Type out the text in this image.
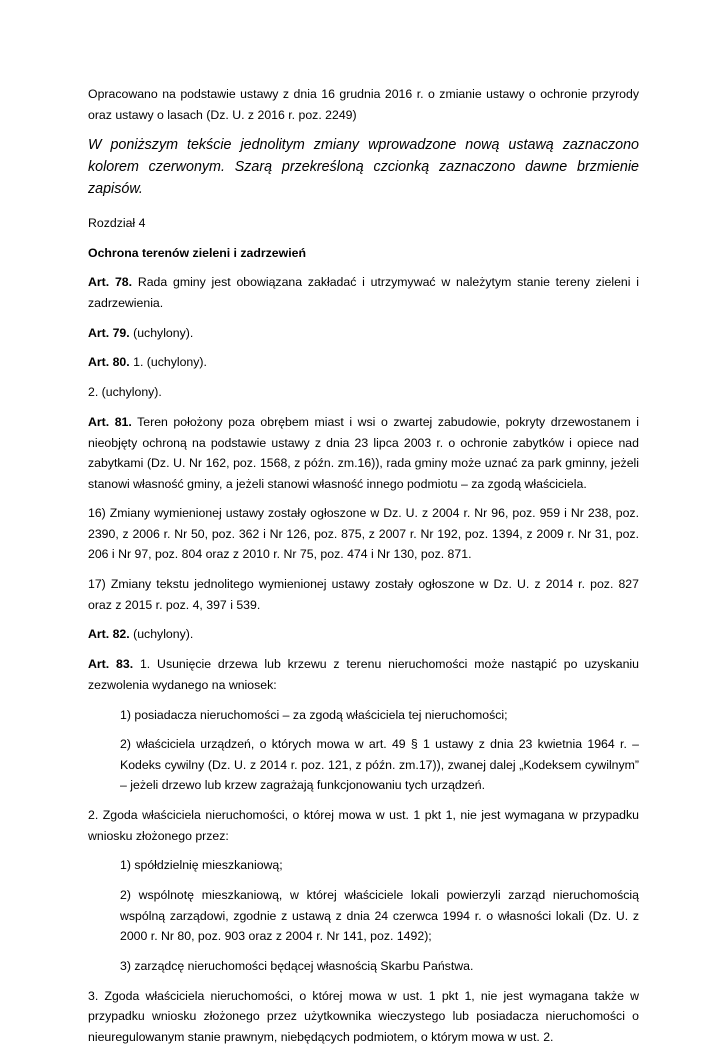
Opracowano na podstawie ustawy z dnia 16 grudnia 2016 r. o zmianie ustawy o ochronie przyrody oraz ustawy o lasach (Dz. U. z 2016 r. poz. 2249)

W poniższym tekście jednolitym zmiany wprowadzone nową ustawą zaznaczono kolorem czerwonym. Szarą przekreśloną czcionką zaznaczono dawne brzmienie zapisów.

Rozdział 4

Ochrona terenów zieleni i zadrzewień

Art. 78. Rada gminy jest obowiązana zakładać i utrzymywać w należytym stanie tereny zieleni i zadrzewienia.

Art. 79. (uchylony).

Art. 80. 1. (uchylony).

2. (uchylony).

Art. 81. Teren położony poza obrębem miast i wsi o zwartej zabudowie, pokryty drzewostanem i nieobjęty ochroną na podstawie ustawy z dnia 23 lipca 2003 r. o ochronie zabytków i opiece nad zabytkami (Dz. U. Nr 162, poz. 1568, z późn. zm.16)), rada gminy może uznać za park gminny, jeżeli stanowi własność gminy, a jeżeli stanowi własność innego podmiotu – za zgodą właściciela.

16) Zmiany wymienionej ustawy zostały ogłoszone w Dz. U. z 2004 r. Nr 96, poz. 959 i Nr 238, poz. 2390, z 2006 r. Nr 50, poz. 362 i Nr 126, poz. 875, z 2007 r. Nr 192, poz. 1394, z 2009 r. Nr 31, poz. 206 i Nr 97, poz. 804 oraz z 2010 r. Nr 75, poz. 474 i Nr 130, poz. 871.

17) Zmiany tekstu jednolitego wymienionej ustawy zostały ogłoszone w Dz. U. z 2014 r. poz. 827 oraz z 2015 r. poz. 4, 397 i 539.

Art. 82. (uchylony).

Art. 83. 1. Usunięcie drzewa lub krzewu z terenu nieruchomości może nastąpić po uzyskaniu zezwolenia wydanego na wniosek:

1) posiadacza nieruchomości – za zgodą właściciela tej nieruchomości;

2) właściciela urządzeń, o których mowa w art. 49 § 1 ustawy z dnia 23 kwietnia 1964 r. – Kodeks cywilny (Dz. U. z 2014 r. poz. 121, z późn. zm.17)), zwanej dalej „Kodeksem cywilnym” – jeżeli drzewo lub krzew zagrażają funkcjonowaniu tych urządzeń.

2. Zgoda właściciela nieruchomości, o której mowa w ust. 1 pkt 1, nie jest wymagana w przypadku wniosku złożonego przez:

1) spółdzielnię mieszkaniową;

2) wspólnotę mieszkaniową, w której właściciele lokali powierzyli zarząd nieruchomością wspólną zarządowi, zgodnie z ustawą z dnia 24 czerwca 1994 r. o własności lokali (Dz. U. z 2000 r. Nr 80, poz. 903 oraz z 2004 r. Nr 141, poz. 1492);

3) zarządcę nieruchomości będącej własnością Skarbu Państwa.

3. Zgoda właściciela nieruchomości, o której mowa w ust. 1 pkt 1, nie jest wymagana także w przypadku wniosku złożonego przez użytkownika wieczystego lub posiadacza nieruchomości o nieuregulowanym stanie prawnym, niebędących podmiotem, o którym mowa w ust. 2.
